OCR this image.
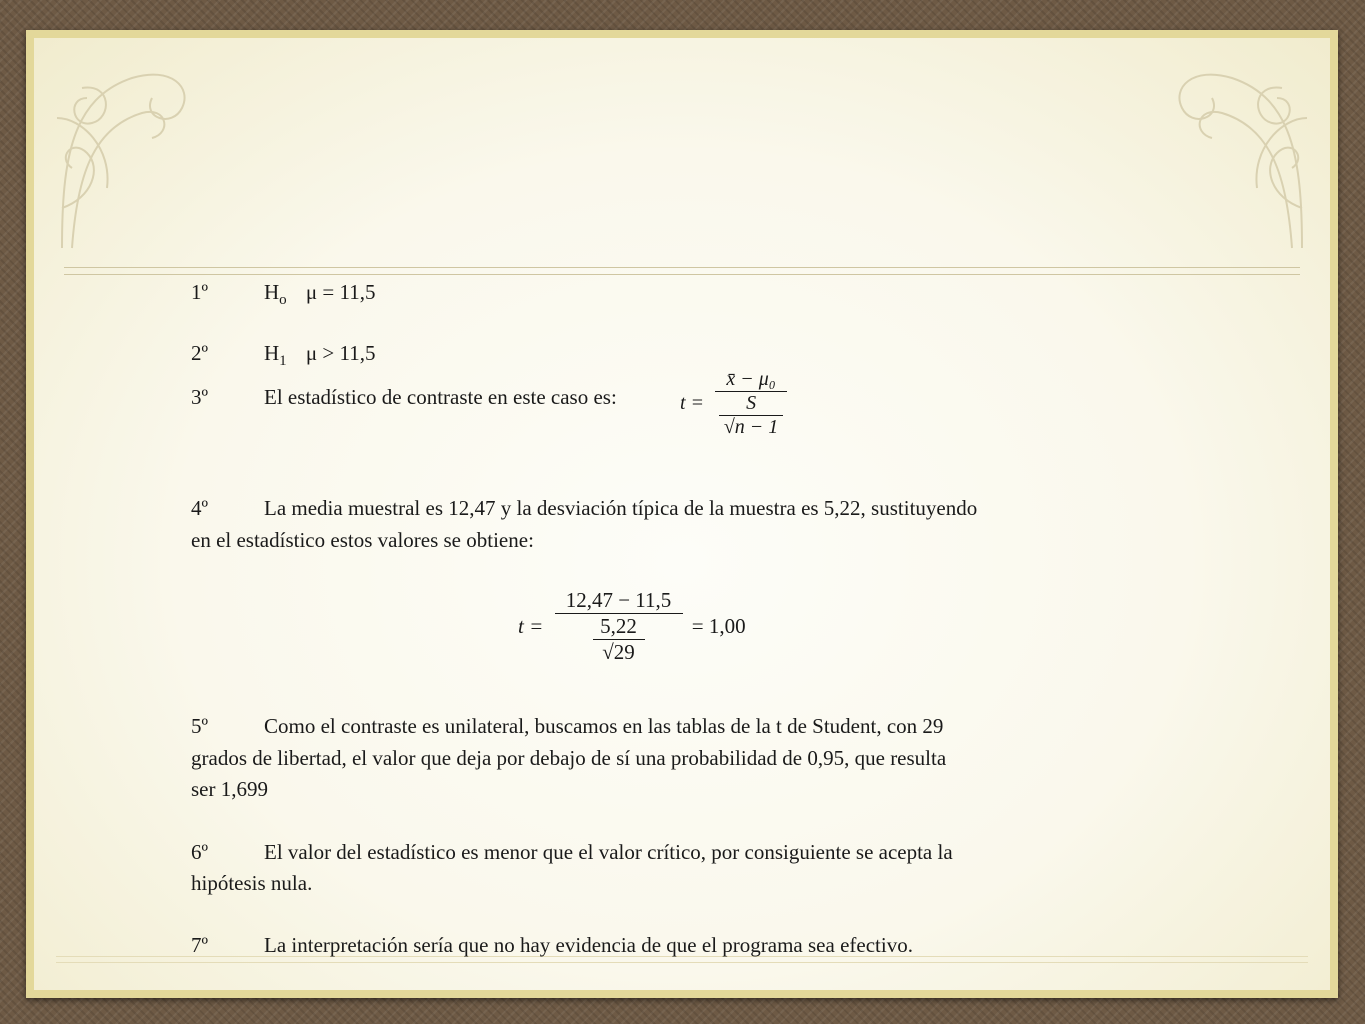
1º	$H_o$ μ = 11,5
2º	$H_1$ μ > 11,5
3º	El estadístico de contraste en este caso es:	t =
x̄ − μ₀
S
√n − 1
4º	La media muestral es 12,47 y la desviación típica de la muestra es 5,22, sustituyendo
en el estadístico estos valores se obtiene:
t =
12,47 − 11,5
5,22
√29
= 1,00
5º	Como el contraste es unilateral, buscamos en las tablas de la t de Student, con 29
grados de libertad, el valor que deja por debajo de sí una probabilidad de 0,95, que resulta
ser 1,699
6º	El valor del estadístico es menor que el valor crítico, por consiguiente se acepta la
hipótesis nula.
7º	La interpretación sería que no hay evidencia de que el programa sea efectivo.
